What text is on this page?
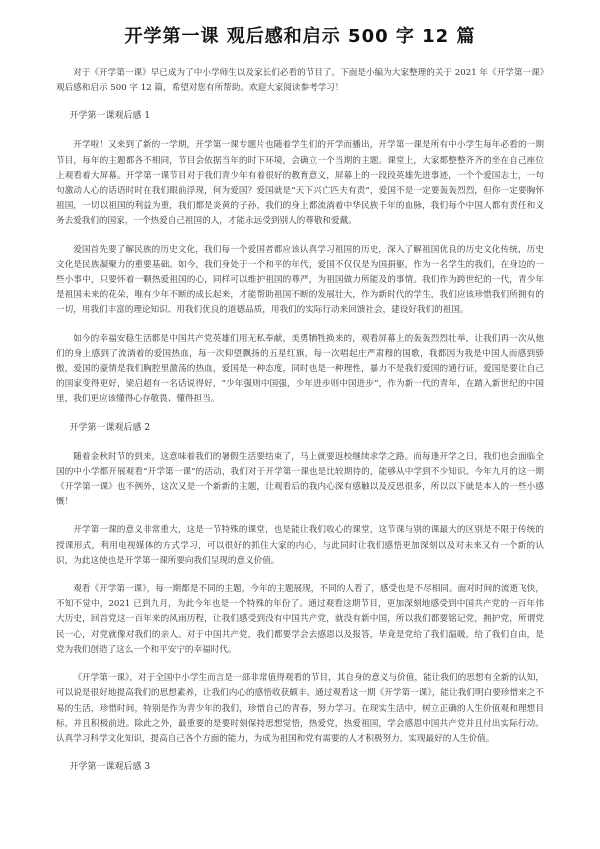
开学第一课 观后感和启示 500 字 12 篇

对于《开学第一课》早已成为了中小学师生以及家长们必看的节目了。下面是小编为大家整理的关于 2021 年《开学第一课》观后感和启示 500 字 12 篇，希望对您有所帮助。欢迎大家阅读参考学习！

开学第一课观后感 1

开学啦！又来到了新的一学期，开学第一课专题片也随着学生们的开学而播出，开学第一课是所有中小学生每年必看的一期节目，每年的主题都各不相同，节目会依据当年的时下环境，会确立一个当期的主题。课堂上，大家都整整齐齐的坐在自己座位上观看着大屏幕。开学第一课节目对于我们青少年有着很好的教育意义，屏幕上的一段段英雄先进事迹，一个个爱国志士，一句句激动人心的话语时时在我们眼前浮现，何为爱国？爱国就是“天下兴亡匹夫有责”，爱国不是一定要轰轰烈烈，但你一定要胸怀祖国，一切以祖国的利益为重，我们都是炎黄的子孙，我们的身上都流淌着中华民族千年的血脉，我们每个中国人都有责任和义务去爱我们的国家，一个热爱自己祖国的人，才能永远受到别人的尊敬和爱戴。

爱国首先要了解民族的历史文化，我们每一个爱国者都应该认真学习祖国的历史，深入了解祖国优良的历史文化传统，历史文化是民族凝聚力的重要基础。如今，我们身处于一个和平的年代，爱国不仅仅是为国捐躯，作为一名学生的我们，在身边的一些小事中，只要怀着一颗热爱祖国的心，同样可以维护祖国的尊严，为祖国做力所能及的事情。我们作为跨世纪的一代，青少年是祖国未来的花朵，唯有少年不断的成长起来，才能帮助祖国不断的发展壮大，作为新时代的学生，我们应该珍惜我们所拥有的一切，用我们丰富的理论知识、用我们优良的道德品质，用我们的实际行动来回馈社会，建设好我们的祖国。

如今的幸福安稳生活都是中国共产党英雄们用无私奉献，美勇牺牲换来的，观看屏幕上的轰轰烈烈壮举，让我们再一次从他们的身上感到了流淌着的爱国热血，每一次仰望飘扬的五星红旗，每一次唱起庄严肃穆的国歌，我都因为我是中国人而感到骄傲，爱国的豪情是我们胸腔里激荡的热血，爱国是一种态度，同时也是一种理性，暴力不是我们爱国的通行证，爱国是要让自己的国家变得更好，梁启超有一名话说得好，“少年强则中国强，少年进步则中国进步”，作为新一代的青年，在踏入新世纪的中国里，我们更应该懂得心存敬畏、懂得担当。

开学第一课观后感 2

随着金秋时节的到来，这意味着我们的暑假生活要结束了，马上就要返校继续求学之路。而每逢开学之日，我们也会面临全国的中小学都开展观看“开学第一课”的活动，我们对于开学第一课也是比较期待的，能够从中学到不少知识。今年九月的这一期《开学第一课》也不例外，这次又是一个新新的主题，让观看后的我内心深有感触以及反思很多，所以以下就是本人的一些小感慨！

开学第一课的意义非常重大，这是一节特殊的课堂，也是能让我们收心的课堂，这节课与别的课最大的区别是不限于传统的授课形式，利用电视媒体的方式学习，可以很好的抓住大家的内心，与此同时让我们感悟更加深刻以及对未来又有一个新的认识，为此这使也是开学第一课所要向我们呈现的意义价值。

观看《开学第一课》，每一期都是不同的主题，今年的主题展现，不同的人看了，感受也是不尽相同。面对时间的流逝飞快，不知不觉中，2021 已到九月，为此今年也是一个特殊的年份了。通过观看这期节目，更加深刻地感受到中国共产党的一百年伟大历史，回首党这一百年来的风雨历程，让我们感受到没有中国共产党，就没有新中国，所以我们都要铭记党，拥护党，所谓党民一心，对党就像对我们的亲人。对于中国共产党，我们都要学会去感恩以及报答，毕竟是党给了我们温暖，给了我们自由，是党为我们创造了这么一个和平安宁的幸福时代。

《开学第一课》，对于全国中小学生而言是一部非常值得观看的节目，其自身的意义与价值，能让我们的思想有全新的认知，可以说是很好地提高我们的思想素养，让我们内心的感悟收获颇丰。通过观看这一期《开学第一课》，能让我们明白要珍惜来之不易的生活，珍惜时间，特别是作为青少年的我们，珍惜自己的青春，努力学习。在现实生活中，树立正确的人生价值观和理想目标，并且积极前进。除此之外，最重要的是要时刻保持思想觉悟，热爱党，热爱祖国，学会感恩中国共产党并且付出实际行动。认真学习科学文化知识，提高自己各个方面的能力，为成为祖国和党有需要的人才积极努力，实现最好的人生价值。

开学第一课观后感 3
